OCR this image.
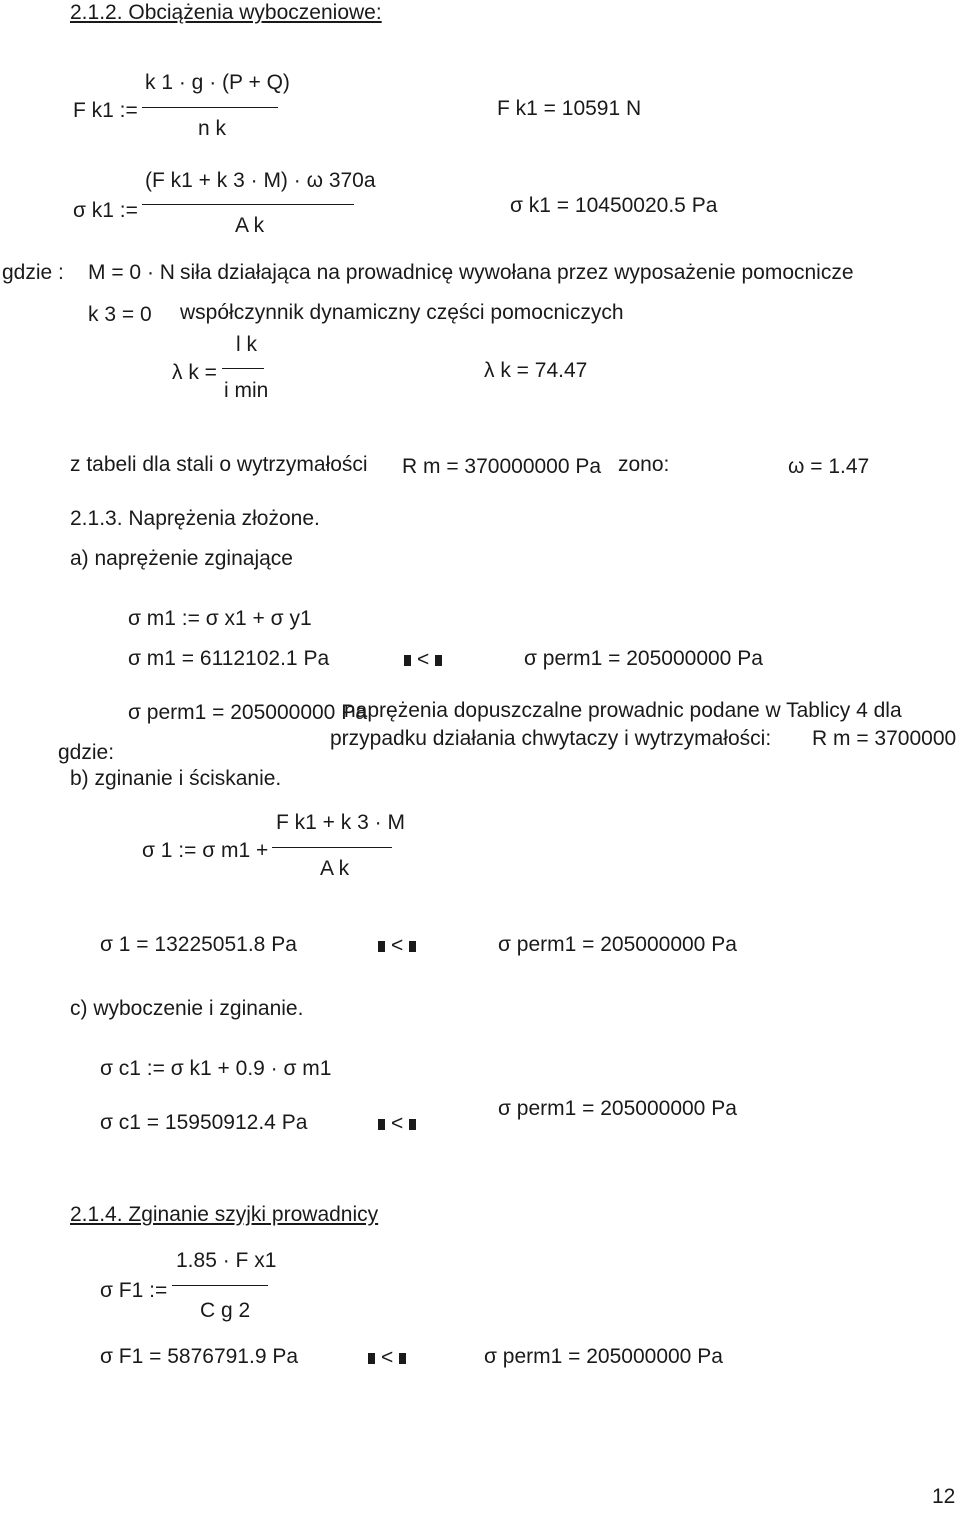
2.1.2. Obciążenia wyboczeniowe:
F k1 :=
k 1 · g · (P + Q)
n k
F k1 = 10591 N
σ k1 :=
(F k1 + k 3 · M) · ω 370a
A k
σ k1 = 10450020.5 Pa
gdzie : M = 0 · N siła działająca na prowadnicę wywołana przez wyposażenie pomocnicze
k 3 = 0 współczynnik dynamiczny części pomocniczych
λ k =
l k
i min
λ k = 74.47
z tabeli dla stali o wytrzymałości R m = 370000000 Pa zono:	ω = 1.47
2.1.3. Naprężenia złożone.
a) naprężenie zginające
σ m1 := σ x1 + σ y1
σ m1 = 6112102.1 Pa	<	σ perm1 = 205000000 Pa
σ perm1 = 205000000 Pa
naprężenia dopuszczalne prowadnic podane w Tablicy 4 dla
przypadku działania chwytaczy i wytrzymałości: R m = 3700000
gdzie:
b) zginanie i ściskanie.
σ 1 := σ m1 +
F k1 + k 3 · M
A k
σ 1 = 13225051.8 Pa	<	σ perm1 = 205000000 Pa
c) wyboczenie i zginanie.
σ c1 := σ k1 + 0.9 · σ m1
σ c1 = 15950912.4 Pa	<
σ perm1 = 205000000 Pa
2.1.4. Zginanie szyjki prowadnicy
σ F1 :=
1.85 · F x1
C g 2
σ F1 = 5876791.9 Pa	<	σ perm1 = 205000000 Pa
12
